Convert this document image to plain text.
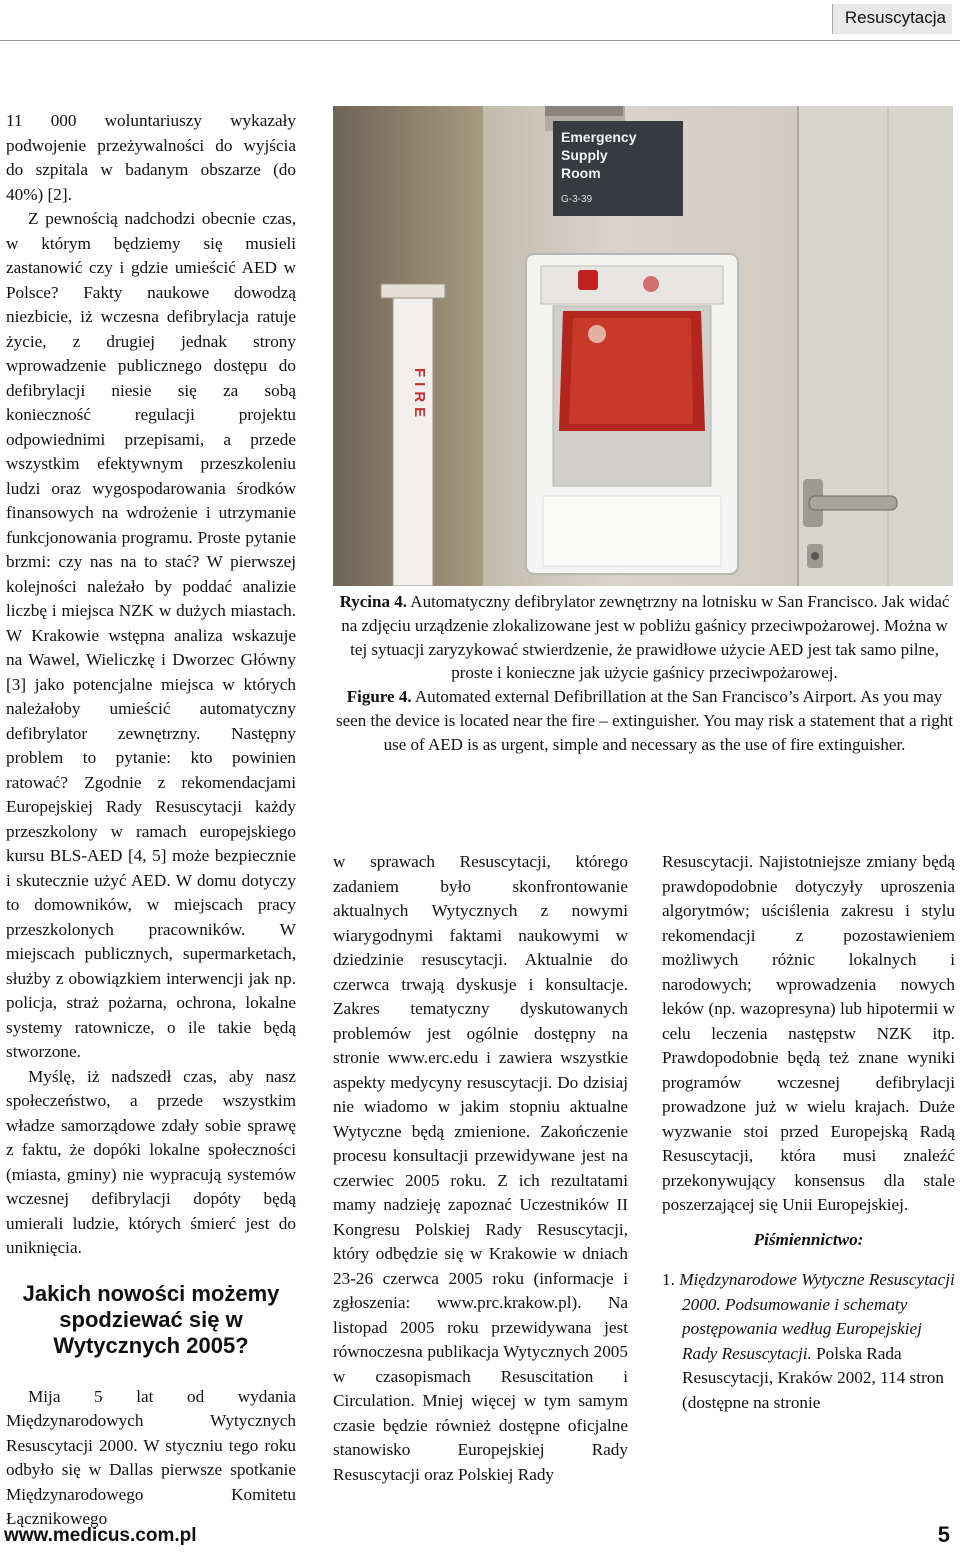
Resuscytacja

11 000 woluntariuszy wykazały podwojenie przeżywalności do wyjścia do szpitala w badanym obszarze (do 40%) [2].

Z pewnością nadchodzi obecnie czas, w którym będziemy się musieli zastanowić czy i gdzie umieścić AED w Polsce? Fakty naukowe dowodzą niezbicie, iż wczesna defibrylacja ratuje życie, z drugiej jednak strony wprowadzenie publicznego dostępu do defibrylacji niesie się za sobą konieczność regulacji projektu odpowiednimi przepisami, a przede wszystkim efektywnym przeszkoleniu ludzi oraz wygospodarowania środków finansowych na wdrożenie i utrzymanie funkcjonowania programu. Proste pytanie brzmi: czy nas na to stać? W pierwszej kolejności należało by poddać analizie liczbę i miejsca NZK w dużych miastach. W Krakowie wstępna analiza wskazuje na Wawel, Wieliczkę i Dworzec Główny [3] jako potencjalne miejsca w których należałoby umieścić automatyczny defibrylator zewnętrzny. Następny problem to pytanie: kto powinien ratować? Zgodnie z rekomendacjami Europejskiej Rady Resuscytacji każdy przeszkolony w ramach europejskiego kursu BLS-AED [4, 5] może bezpiecznie i skutecznie użyć AED. W domu dotyczy to domowników, w miejscach pracy przeszkolonych pracowników. W miejscach publicznych, supermarketach, służby z obowiązkiem interwencji jak np. policja, straż pożarna, ochrona, lokalne systemy ratownicze, o ile takie będą stworzone.

Myślę, iż nadszedł czas, aby nasz społeczeństwo, a przede wszystkim władze samorządowe zdały sobie sprawę z faktu, że dopóki lokalne społeczności (miasta, gminy) nie wypracują systemów wczesnej defibrylacji dopóty będą umierali ludzie, których śmierć jest do uniknięcia.

Jakich nowości możemy spodziewać się w Wytycznych 2005?

Mija 5 lat od wydania Międzynarodowych Wytycznych Resuscytacji 2000. W styczniu tego roku odbyło się w Dallas pierwsze spotkanie Międzynarodowego Komitetu Łącznikowego

Emergency
Supply
Room
G-3-39
FIRE
Rycina 4. Automatyczny defibrylator zewnętrzny na lotnisku w San Francisco. Jak widać na zdjęciu urządzenie zlokalizowane jest w pobliżu gaśnicy przeciwpożarowej. Można w tej sytuacji zaryzykować stwierdzenie, że prawidłowe użycie AED jest tak samo pilne, proste i konieczne jak użycie gaśnicy przeciwpożarowej.
Figure 4. Automated external Defibrillation at the San Francisco’s Airport. As you may seen the device is located near the fire – extinguisher. You may risk a statement that a right use of AED is as urgent, simple and necessary as the use of fire extinguisher.

w sprawach Resuscytacji, którego zadaniem było skonfrontowanie aktualnych Wytycznych z nowymi wiarygodnymi faktami naukowymi w dziedzinie resuscytacji. Aktualnie do czerwca trwają dyskusje i konsultacje. Zakres tematyczny dyskutowanych problemów jest ogólnie dostępny na stronie www.erc.edu i zawiera wszystkie aspekty medycyny resuscytacji. Do dzisiaj nie wiadomo w jakim stopniu aktualne Wytyczne będą zmienione. Zakończenie procesu konsultacji przewidywane jest na czerwiec 2005 roku. Z ich rezultatami mamy nadzieję zapoznać Uczestników II Kongresu Polskiej Rady Resuscytacji, który odbędzie się w Krakowie w dniach 23-26 czerwca 2005 roku (informacje i zgłoszenia: www.prc.krakow.pl). Na listopad 2005 roku przewidywana jest równoczesna publikacja Wytycznych 2005 w czasopismach Resuscitation i Circulation. Mniej więcej w tym samym czasie będzie również dostępne oficjalne stanowisko Europejskiej Rady Resuscytacji oraz Polskiej Rady

Resuscytacji. Najistotniejsze zmiany będą prawdopodobnie dotyczyły uproszenia algorytmów; uściślenia zakresu i stylu rekomendacji z pozostawieniem możliwych różnic lokalnych i narodowych; wprowadzenia nowych leków (np. wazopresyna) lub hipotermii w celu leczenia następstw NZK itp. Prawdopodobnie będą też znane wyniki programów wczesnej defibrylacji prowadzone już w wielu krajach. Duże wyzwanie stoi przed Europejską Radą Resuscytacji, która musi znaleźć przekonywujący konsensus dla stale poszerzającej się Unii Europejskiej.

Piśmiennictwo:

1. Międzynarodowe Wytyczne Resuscytacji 2000. Podsumowanie i schematy postępowania według Europejskiej Rady Resuscytacji. Polska Rada Resuscytacji, Kraków 2002, 114 stron (dostępne na stronie

www.medicus.com.pl	5
